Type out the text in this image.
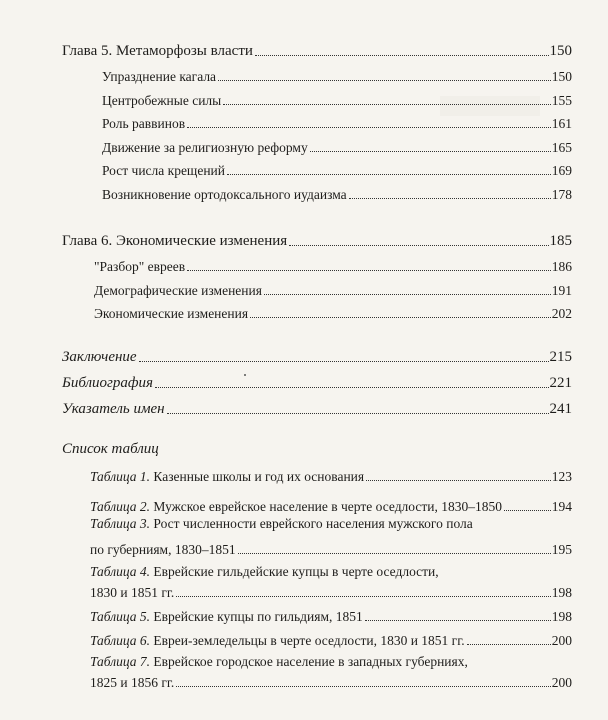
Глава 5. Метаморфозы власти	150
Упразднение кагала	150
Центробежные силы	155
Роль раввинов	161
Движение за религиозную реформу	165
Рост числа крещений	169
Возникновение ортодоксального иудаизма	178
Глава 6. Экономические изменения	185
"Разбор" евреев	186
Демографические изменения	191
Экономические изменения	202
Заключение	215
Библиография	221
Указатель имен	241
Список таблиц
Таблица 1. Казенные школы и год их основания	123
Таблица 2. Мужское еврейское население в черте оседлости, 1830–1850	194
Таблица 3. Рост численности еврейского населения мужского пола
по губерниям, 1830–1851	195
Таблица 4. Еврейские гильдейские купцы в черте оседлости,
1830 и 1851 гг.	198
Таблица 5. Еврейские купцы по гильдиям, 1851	198
Таблица 6. Евреи-земледельцы в черте оседлости, 1830 и 1851 гг.	200
Таблица 7. Еврейское городское население в западных губерниях,
1825 и 1856 гг.	200
